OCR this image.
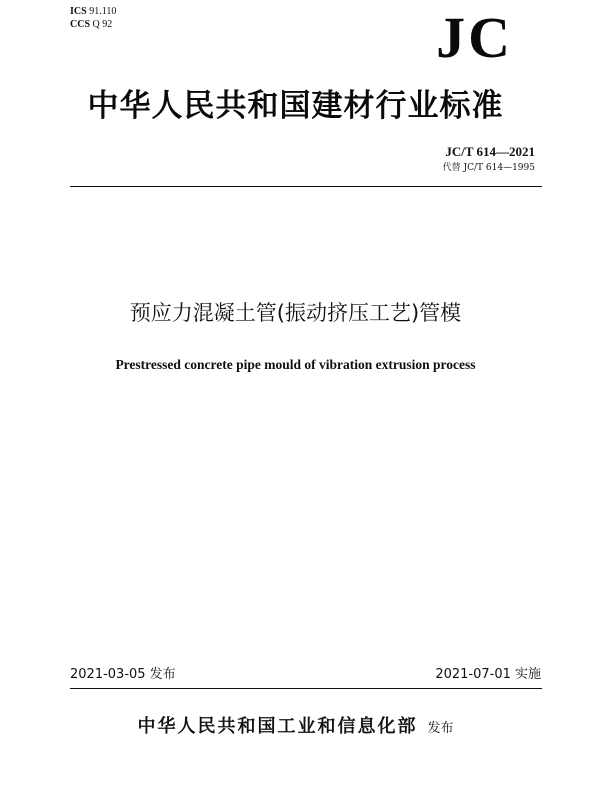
ICS 91.110
CCS Q 92	JC
中华人民共和国建材行业标准
JC/T 614—2021
代替 JC/T 614—1995
预应力混凝土管(振动挤压工艺)管模
Prestressed concrete pipe mould of vibration extrusion process
2021-03-05 发布	2021-07-01 实施
中华人民共和国工业和信息化部 发布
